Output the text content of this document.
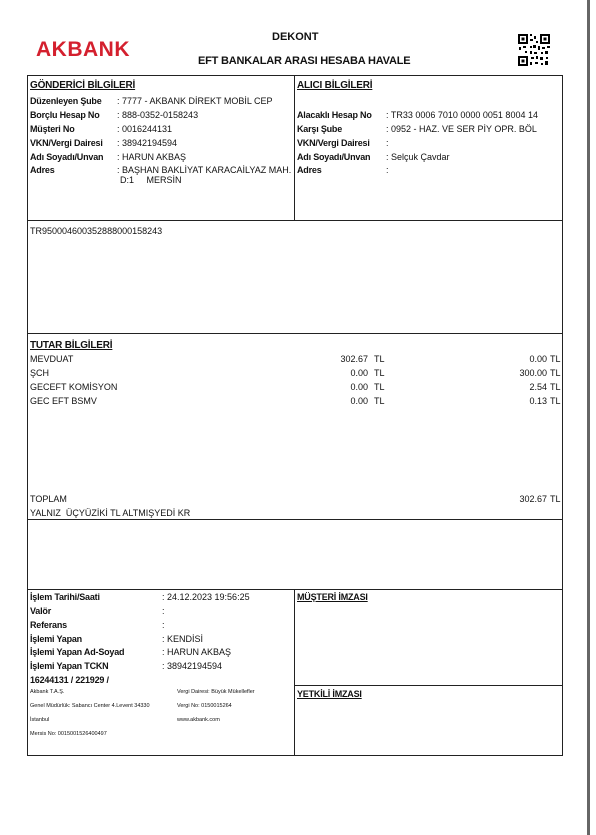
AKBANK
DEKONT
EFT BANKALAR ARASI HESABA HAVALE
GÖNDERİCİ BİLGİLERİ
Düzenleyen Şube : 7777 - AKBANK DİREKT MOBİL CEP
Borçlu Hesap No : 888-0352-0158243
Müşteri No	: 0016244131
VKN/Vergi Dairesi : 38942194594
Adı Soyadı/Unvan : HARUN AKBAŞ
Adres	: BAŞHAN BAKLİYAT KARACAİLYAZ MAH.
D:1     MERSİN
ALICI BİLGİLERİ
Alacaklı Hesap No : TR33 0006 7010 0000 0051 8004 14
Karşı Şube	: 0952 - HAZ. VE SER PİY OPR. BÖL
VKN/Vergi Dairesi :
Adı Soyadı/Unvan : Selçuk Çavdar
Adres	:
TR950004600352888000158243
TUTAR BİLGİLERİ
MEVDUAT	302.67 TL	0.00 TL
ŞCH	0.00 TL	300.00 TL
GECEFT KOMİSYON	0.00 TL	2.54 TL
GEC EFT BSMV	0.00 TL	0.13 TL
TOPLAM	302.67 TL
YALNIZ  ÜÇYÜZİKİ TL ALTMIŞYEDİ KR
İşlem Tarihi/Saati	: 24.12.2023 19:56:25
Valör	:
Referans	:
İşlemi Yapan	: KENDİSİ
İşlemi Yapan Ad-Soyad	: HARUN AKBAŞ
İşlemi Yapan TCKN	: 38942194594
16244131 / 221929 /
MÜŞTERİ İMZASI
YETKİLİ İMZASI
Akbank T.A.Ş.
Genel Müdürlük: Sabancı Center 4.Levent 34330
İstanbul
Mersis No: 0015001526400497
Vergi Dairesi: Büyük Mükellefler
Vergi No: 0150015264
www.akbank.com
